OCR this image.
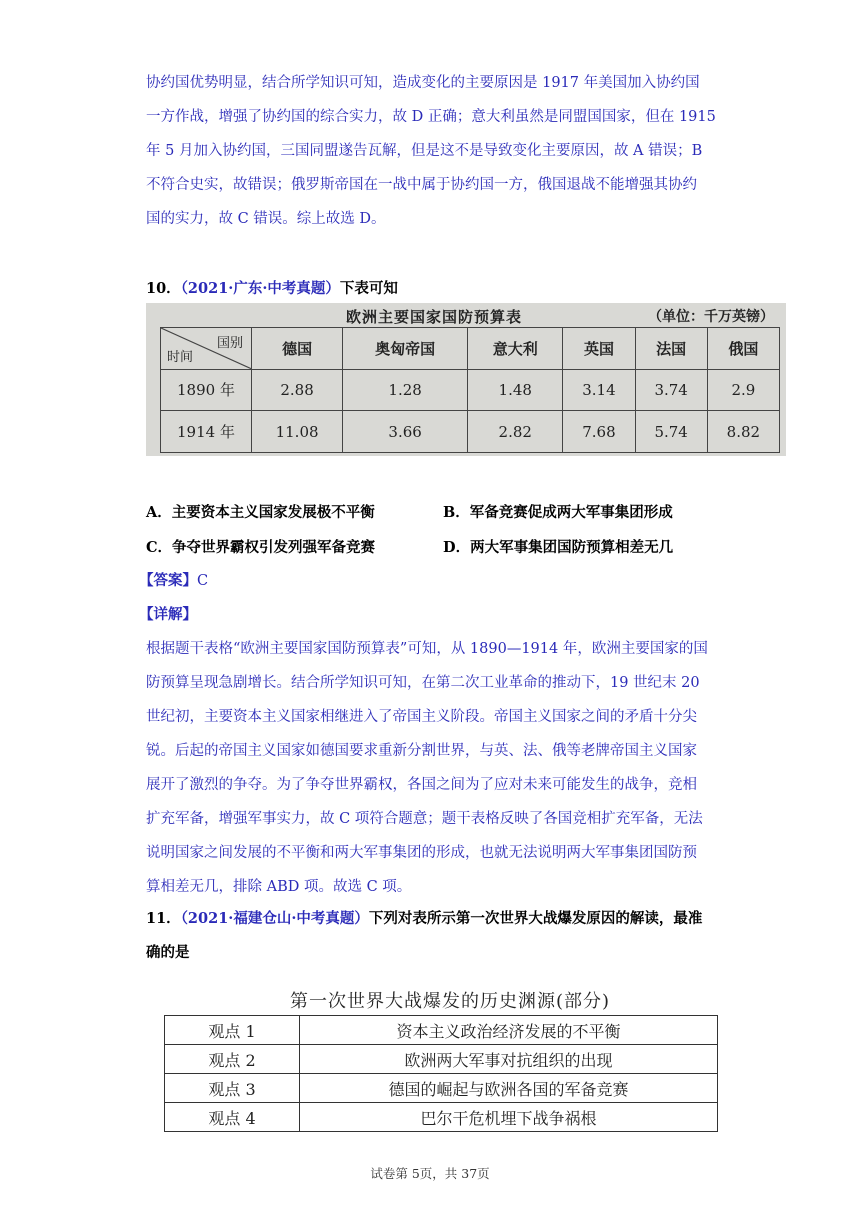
协约国优势明显，结合所学知识可知，造成变化的主要原因是 1917 年美国加入协约国
一方作战，增强了协约国的综合实力，故 D 正确；意大利虽然是同盟国国家，但在 1915
年 5 月加入协约国，三国同盟遂告瓦解，但是这不是导致变化主要原因，故 A 错误；B
不符合史实，故错误；俄罗斯帝国在一战中属于协约国一方，俄国退战不能增强其协约
国的实力，故 C 错误。综上故选 D。
10．（2021·广东·中考真题）下表可知
欧洲主要国家国防预算表	（单位：千万英镑）
国别
时间	德国	奥匈帝国	意大利	英国	法国	俄国
1890 年	2.88	1.28	1.48	3.14	3.74	2.9
1914 年	11.08	3.66	2.82	7.68	5.74	8.82
A．主要资本主义国家发展极不平衡	B．军备竞赛促成两大军事集团形成
C．争夺世界霸权引发列强军备竞赛	D．两大军事集团国防预算相差无几
【答案】C
【详解】
根据题干表格“欧洲主要国家国防预算表”可知，从 1890—1914 年，欧洲主要国家的国
防预算呈现急剧增长。结合所学知识可知，在第二次工业革命的推动下，19 世纪末 20
世纪初，主要资本主义国家相继进入了帝国主义阶段。帝国主义国家之间的矛盾十分尖
锐。后起的帝国主义国家如德国要求重新分割世界，与英、法、俄等老牌帝国主义国家
展开了激烈的争夺。为了争夺世界霸权，各国之间为了应对未来可能发生的战争，竞相
扩充军备，增强军事实力，故 C 项符合题意；题干表格反映了各国竞相扩充军备，无法
说明国家之间发展的不平衡和两大军事集团的形成，也就无法说明两大军事集团国防预
算相差无几，排除 ABD 项。故选 C 项。
11．（2021·福建仓山·中考真题）下列对表所示第一次世界大战爆发原因的解读，最准
确的是
第一次世界大战爆发的历史渊源(部分)
观点 1	资本主义政治经济发展的不平衡
观点 2	欧洲两大军事对抗组织的出现
观点 3	德国的崛起与欧洲各国的军备竞赛
观点 4	巴尔干危机埋下战争祸根
试卷第 5页，共 37页
